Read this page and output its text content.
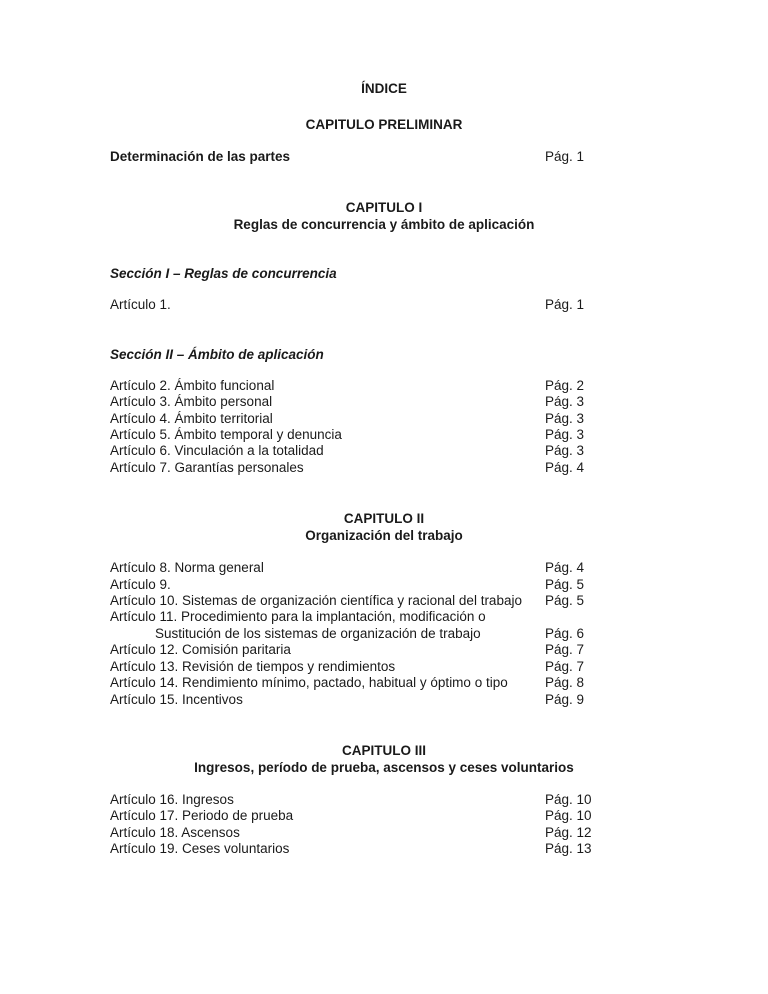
ÍNDICE
CAPITULO PRELIMINAR
Determinación de las partes	Pág. 1
CAPITULO I
Reglas de concurrencia y ámbito de aplicación
Sección I – Reglas de concurrencia
Artículo 1.	Pág. 1
Sección II – Ámbito de aplicación
Artículo 2. Ámbito funcional	Pág. 2
Artículo 3. Ámbito personal	Pág. 3
Artículo 4. Ámbito territorial	Pág. 3
Artículo 5. Ámbito temporal y denuncia	Pág. 3
Artículo 6. Vinculación a la totalidad	Pág. 3
Artículo 7. Garantías personales	Pág. 4
CAPITULO II
Organización del trabajo
Artículo 8. Norma general	Pág. 4
Artículo 9.	Pág. 5
Artículo 10. Sistemas de organización científica y racional del trabajo	Pág. 5
Artículo 11. Procedimiento para la implantación, modificación o
Sustitución de los sistemas de organización de trabajo	Pág. 6
Artículo 12. Comisión paritaria	Pág. 7
Artículo 13. Revisión de tiempos y rendimientos	Pág. 7
Artículo 14. Rendimiento mínimo, pactado, habitual y óptimo o tipo	Pág. 8
Artículo 15. Incentivos	Pág. 9
CAPITULO III
Ingresos, período de prueba, ascensos y ceses voluntarios
Artículo 16. Ingresos	Pág. 10
Artículo 17. Periodo de prueba	Pág. 10
Artículo 18. Ascensos	Pág. 12
Artículo 19. Ceses voluntarios	Pág. 13
